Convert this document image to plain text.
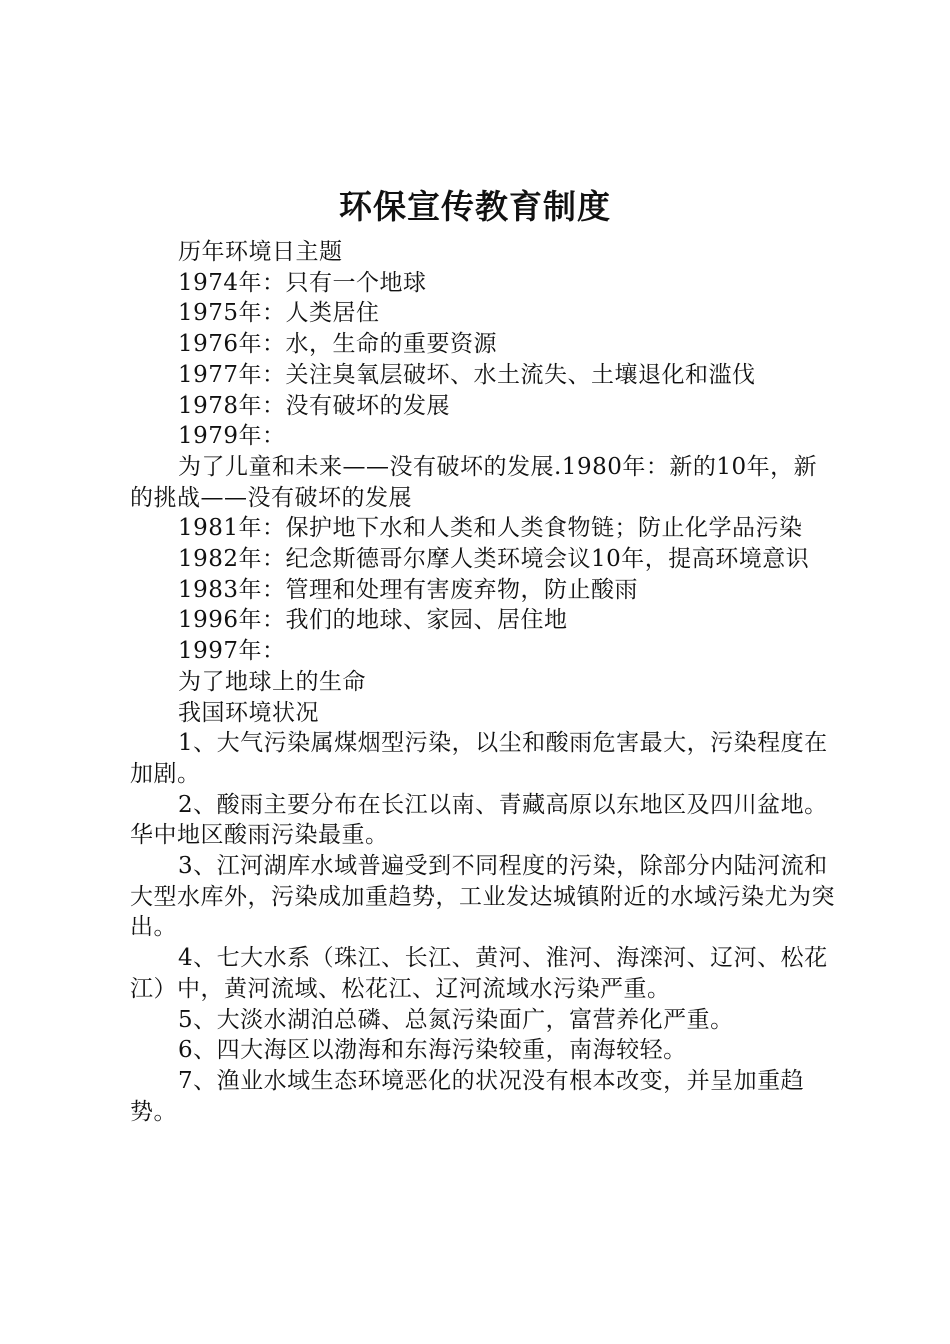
环保宣传教育制度

历年环境日主题

1974年：只有一个地球

1975年：人类居住

1976年：水，生命的重要资源

1977年：关注臭氧层破坏、水土流失、土壤退化和滥伐

1978年：没有破坏的发展

1979年：

为了儿童和未来——没有破坏的发展.1980年：新的10年，新的挑战——没有破坏的发展

1981年：保护地下水和人类和人类食物链；防止化学品污染

1982年：纪念斯德哥尔摩人类环境会议10年，提高环境意识

1983年：管理和处理有害废弃物，防止酸雨

1996年：我们的地球、家园、居住地

1997年：

为了地球上的生命

我国环境状况

1、大气污染属煤烟型污染，以尘和酸雨危害最大，污染程度在加剧。

2、酸雨主要分布在长江以南、青藏高原以东地区及四川盆地。华中地区酸雨污染最重。

3、江河湖库水域普遍受到不同程度的污染，除部分内陆河流和大型水库外，污染成加重趋势，工业发达城镇附近的水域污染尤为突出。

4、七大水系（珠江、长江、黄河、淮河、海滦河、辽河、松花江）中，黄河流域、松花江、辽河流域水污染严重。

5、大淡水湖泊总磷、总氮污染面广，富营养化严重。

6、四大海区以渤海和东海污染较重，南海较轻。

7、渔业水域生态环境恶化的状况没有根本改变，并呈加重趋势。
